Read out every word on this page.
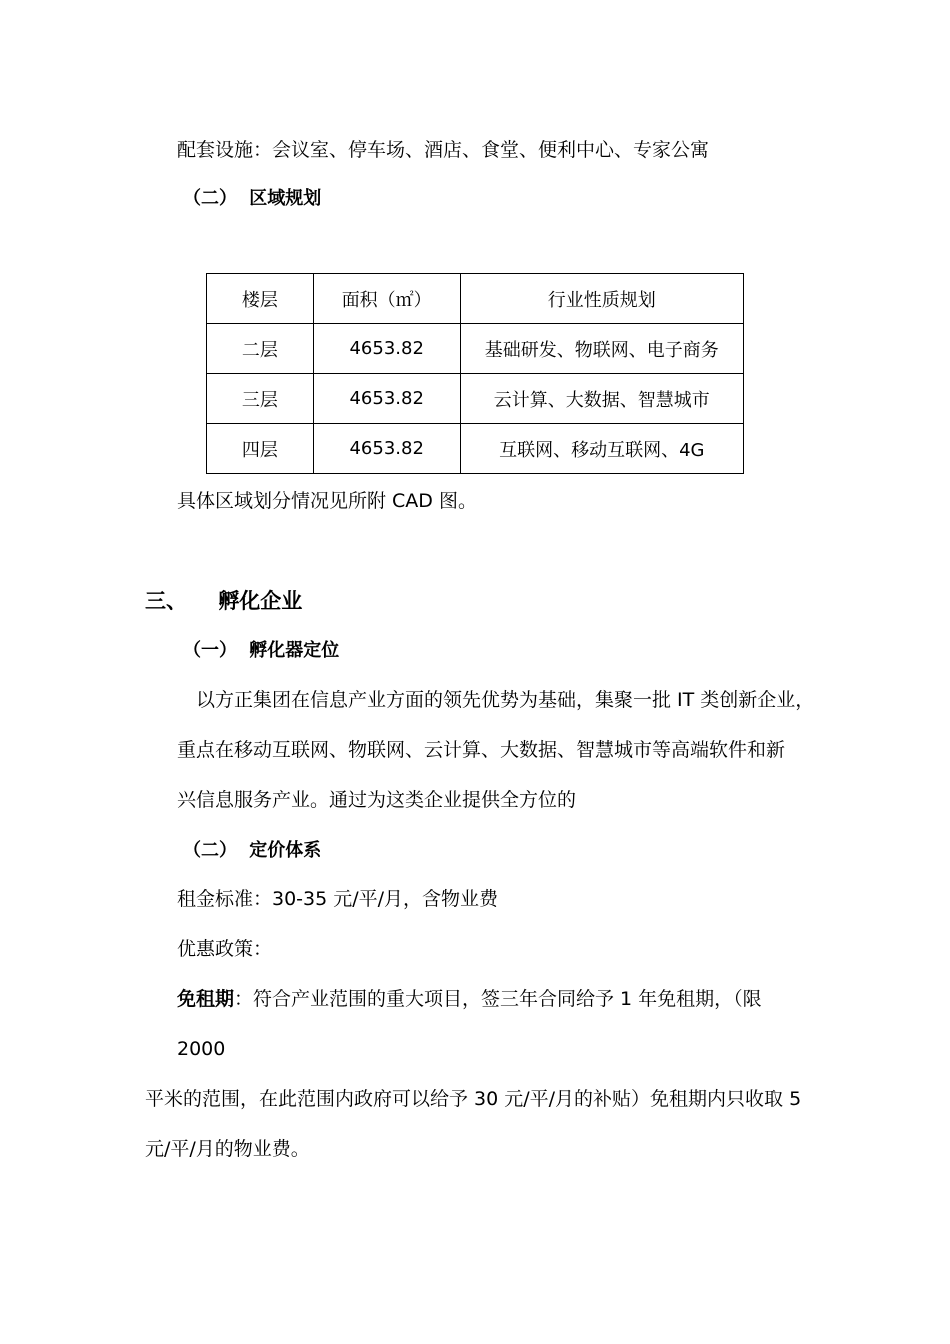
配套设施：会议室、停车场、酒店、食堂、便利中心、专家公寓
（二） 区域规划
楼层	面积（㎡）	行业性质规划
二层	4653.82	基础研发、物联网、电子商务
三层	4653.82	云计算、大数据、智慧城市
四层	4653.82	互联网、移动互联网、4G
具体区域划分情况见所附 CAD 图。
三、 孵化企业
（一） 孵化器定位
以方正集团在信息产业方面的领先优势为基础，集聚一批 IT 类创新企业，
重点在移动互联网、物联网、云计算、大数据、智慧城市等高端软件和新
兴信息服务产业。通过为这类企业提供全方位的
（二） 定价体系
租金标准：30-35 元/平/月，含物业费
优惠政策：
免租期：符合产业范围的重大项目，签三年合同给予 1 年免租期，（限
2000
平米的范围，在此范围内政府可以给予 30 元/平/月的补贴）免租期内只收取 5
元/平/月的物业费。
